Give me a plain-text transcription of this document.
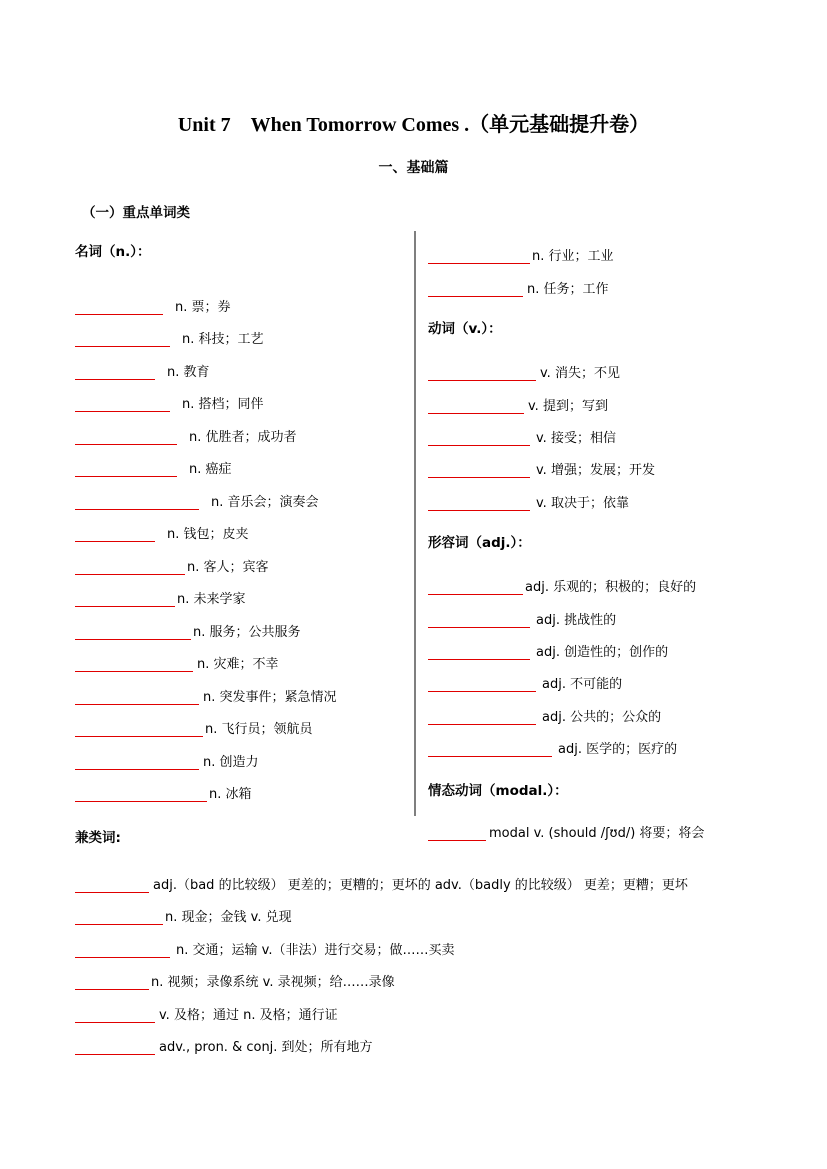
Unit 7　When Tomorrow Comes .（单元基础提升卷）
一、基础篇
（一）重点单词类
名词（n.）：
n. 票；券
n. 科技；工艺
n. 教育
n. 搭档；同伴
n. 优胜者；成功者
n. 癌症
n. 音乐会；演奏会
n. 钱包；皮夹
n. 客人；宾客
n. 未来学家
n. 服务；公共服务
n. 灾难；不幸
n. 突发事件；紧急情况
n. 飞行员；领航员
n. 创造力
n. 冰箱
n. 行业；工业
n. 任务；工作
动词（v.）：
v. 消失；不见
v. 提到；写到
v. 接受；相信
v. 增强；发展；开发
v. 取决于；依靠
形容词（adj.）：
adj. 乐观的；积极的；良好的
adj. 挑战性的
adj. 创造性的；创作的
adj. 不可能的
adj. 公共的；公众的
adj. 医学的；医疗的
情态动词（modal.）：
modal v. (should /ʃʊd/) 将要；将会
兼类词:
adj.（bad 的比较级） 更差的；更糟的；更坏的 adv.（badly 的比较级） 更差；更糟；更坏
n. 现金；金钱 v. 兑现
n. 交通；运输 v.（非法）进行交易；做……买卖
n. 视频；录像系统 v. 录视频；给……录像
v. 及格；通过 n. 及格；通行证
adv., pron. & conj. 到处；所有地方
